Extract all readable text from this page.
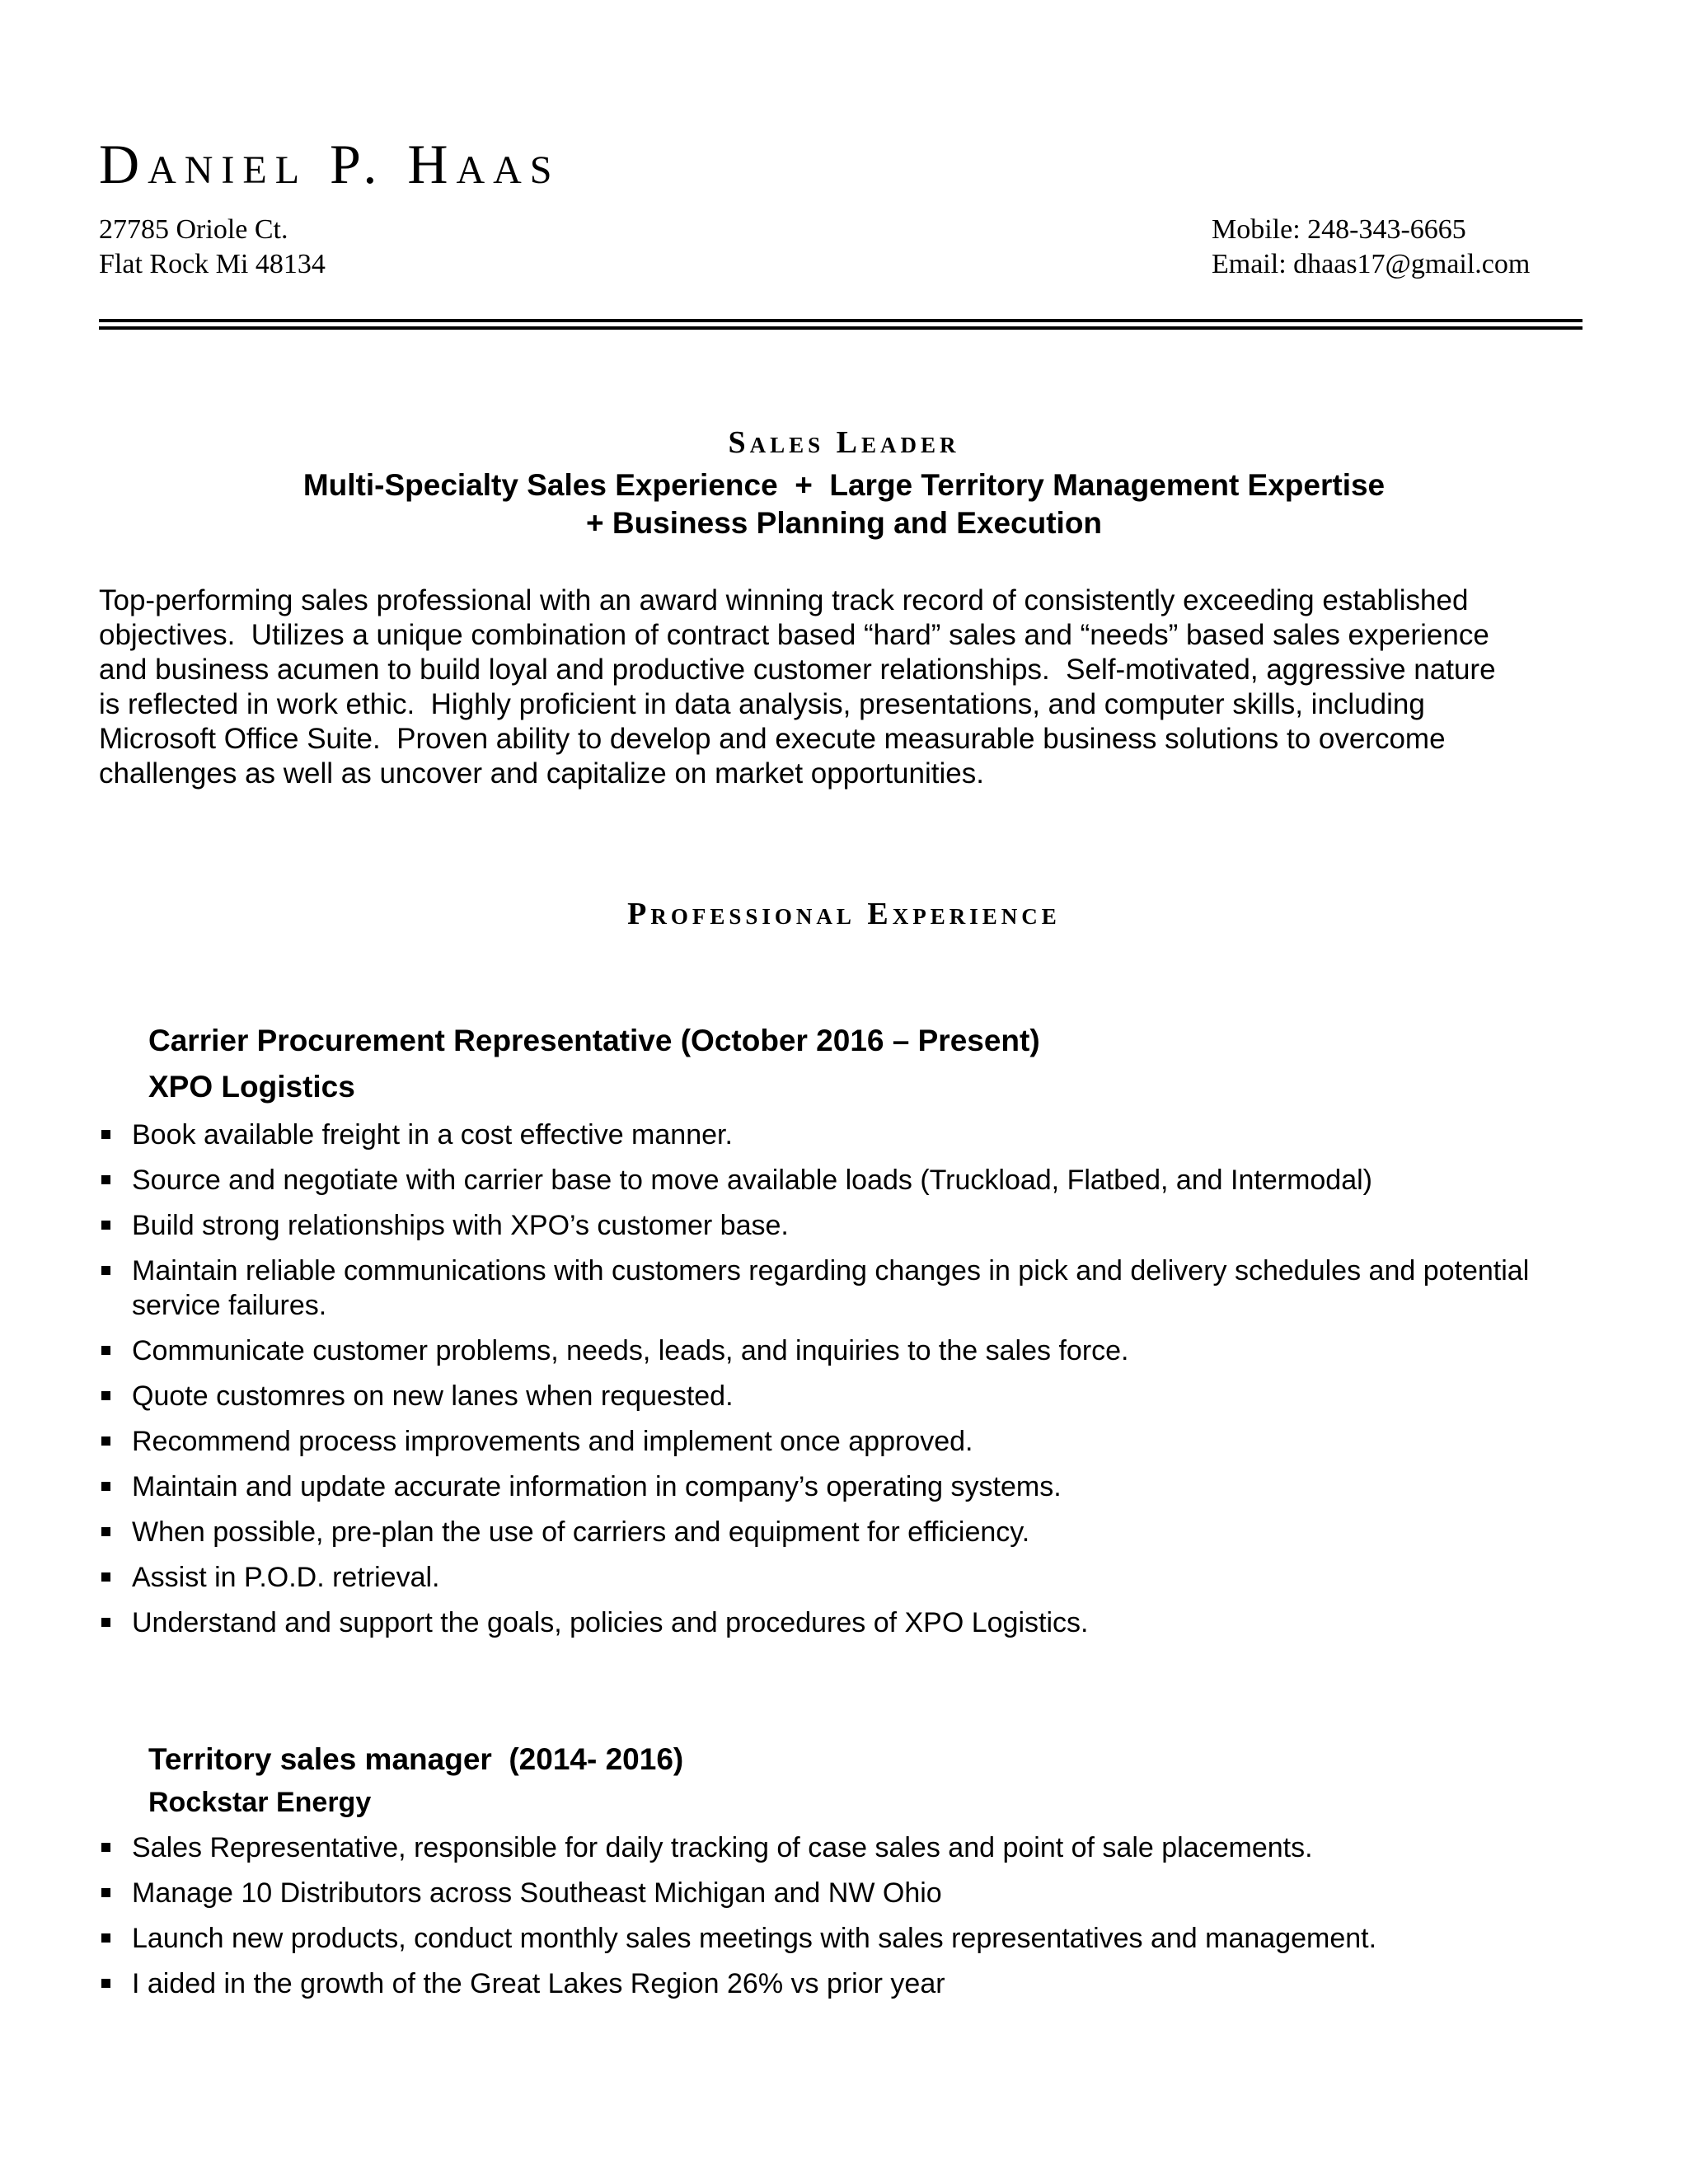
Daniel P. Haas
27785 Oriole Ct.
Flat Rock Mi 48134
Mobile: 248-343-6665
Email: dhaas17@gmail.com
Sales Leader
Multi-Specialty Sales Experience  +  Large Territory Management Expertise
+ Business Planning and Execution
Top-performing sales professional with an award winning track record of consistently exceeding established
objectives.  Utilizes a unique combination of contract based “hard” sales and “needs” based sales experience
and business acumen to build loyal and productive customer relationships.  Self-motivated, aggressive nature
is reflected in work ethic.  Highly proficient in data analysis, presentations, and computer skills, including
Microsoft Office Suite.  Proven ability to develop and execute measurable business solutions to overcome
challenges as well as uncover and capitalize on market opportunities.
Professional Experience
Carrier Procurement Representative (October 2016 – Present)
XPO Logistics
Book available freight in a cost effective manner.
Source and negotiate with carrier base to move available loads (Truckload, Flatbed, and Intermodal)
Build strong relationships with XPO’s customer base.
Maintain reliable communications with customers regarding changes in pick and delivery schedules and potential
service failures.
Communicate customer problems, needs, leads, and inquiries to the sales force.
Quote customres on new lanes when requested.
Recommend process improvements and implement once approved.
Maintain and update accurate information in company’s operating systems.
When possible, pre-plan the use of carriers and equipment for efficiency.
Assist in P.O.D. retrieval.
Understand and support the goals, policies and procedures of XPO Logistics.
Territory sales manager  (2014- 2016)
Rockstar Energy
Sales Representative, responsible for daily tracking of case sales and point of sale placements.
Manage 10 Distributors across Southeast Michigan and NW Ohio
Launch new products, conduct monthly sales meetings with sales representatives and management.
I aided in the growth of the Great Lakes Region 26% vs prior year
